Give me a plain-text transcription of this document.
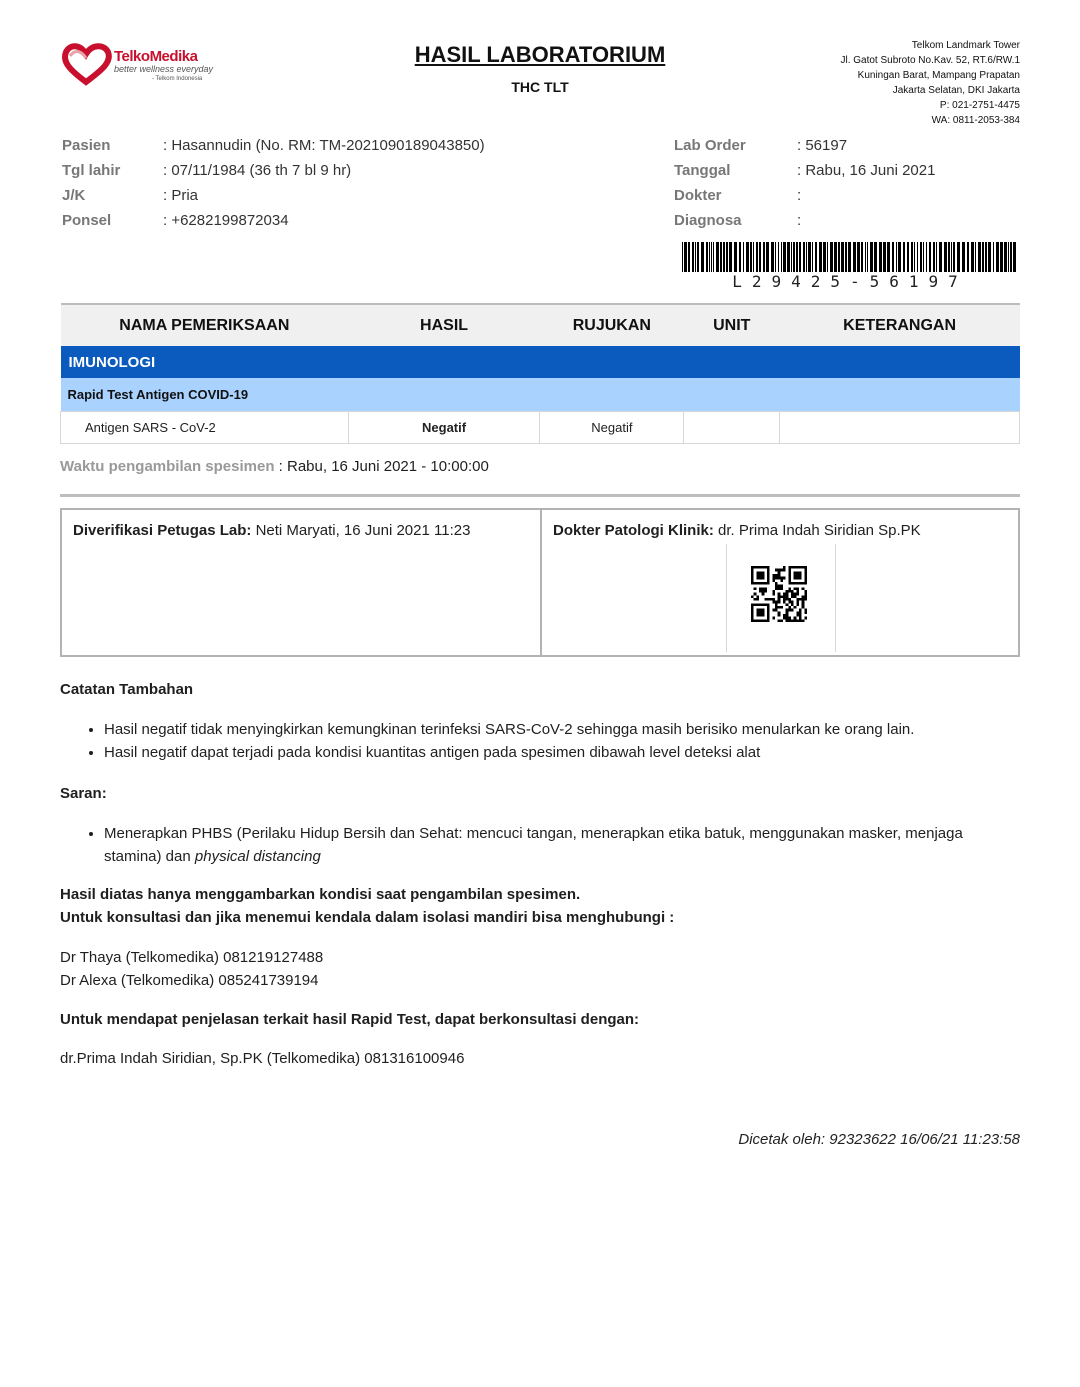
TelkoMedika
better wellness everyday
- Telkom Indonesia
HASIL LABORATORIUM
THC TLT
Telkom Landmark Tower
Jl. Gatot Subroto No.Kav. 52, RT.6/RW.1
Kuningan Barat, Mampang Prapatan
Jakarta Selatan, DKI Jakarta
P: 021-2751-4475
WA: 0811-2053-384
Pasien	: Hasannudin (No. RM: TM-2021090189043850)
Tgl lahir	: 07/11/1984 (36 th 7 bl 9 hr)
J/K	: Pria
Ponsel	: +6282199872034
Lab Order	: 56197
Tanggal	: Rabu, 16 Juni 2021
Dokter	:
Diagnosa	:
L29425-56197
NAMA PEMERIKSAAN	HASIL	RUJUKAN	UNIT	KETERANGAN
IMUNOLOGI				
Rapid Test Antigen COVID-19				
Antigen SARS - CoV-2	Negatif	Negatif		
Waktu pengambilan spesimen : Rabu, 16 Juni 2021 - 10:00:00
Diverifikasi Petugas Lab: Neti Maryati, 16 Juni 2021 11:23	Dokter Patologi Klinik: dr. Prima Indah Siridian Sp.PK
Catatan Tambahan
• Hasil negatif tidak menyingkirkan kemungkinan terinfeksi SARS-CoV-2 sehingga masih berisiko menularkan ke orang lain.
• Hasil negatif dapat terjadi pada kondisi kuantitas antigen pada spesimen dibawah level deteksi alat
Saran:
• Menerapkan PHBS (Perilaku Hidup Bersih dan Sehat: mencuci tangan, menerapkan etika batuk, menggunakan masker, menjaga stamina) dan physical distancing
Hasil diatas hanya menggambarkan kondisi saat pengambilan spesimen.
Untuk konsultasi dan jika menemui kendala dalam isolasi mandiri bisa menghubungi :
Dr Thaya (Telkomedika) 081219127488
Dr Alexa (Telkomedika) 085241739194
Untuk mendapat penjelasan terkait hasil Rapid Test, dapat berkonsultasi dengan:
dr.Prima Indah Siridian, Sp.PK (Telkomedika) 081316100946
Dicetak oleh: 92323622 16/06/21 11:23:58
